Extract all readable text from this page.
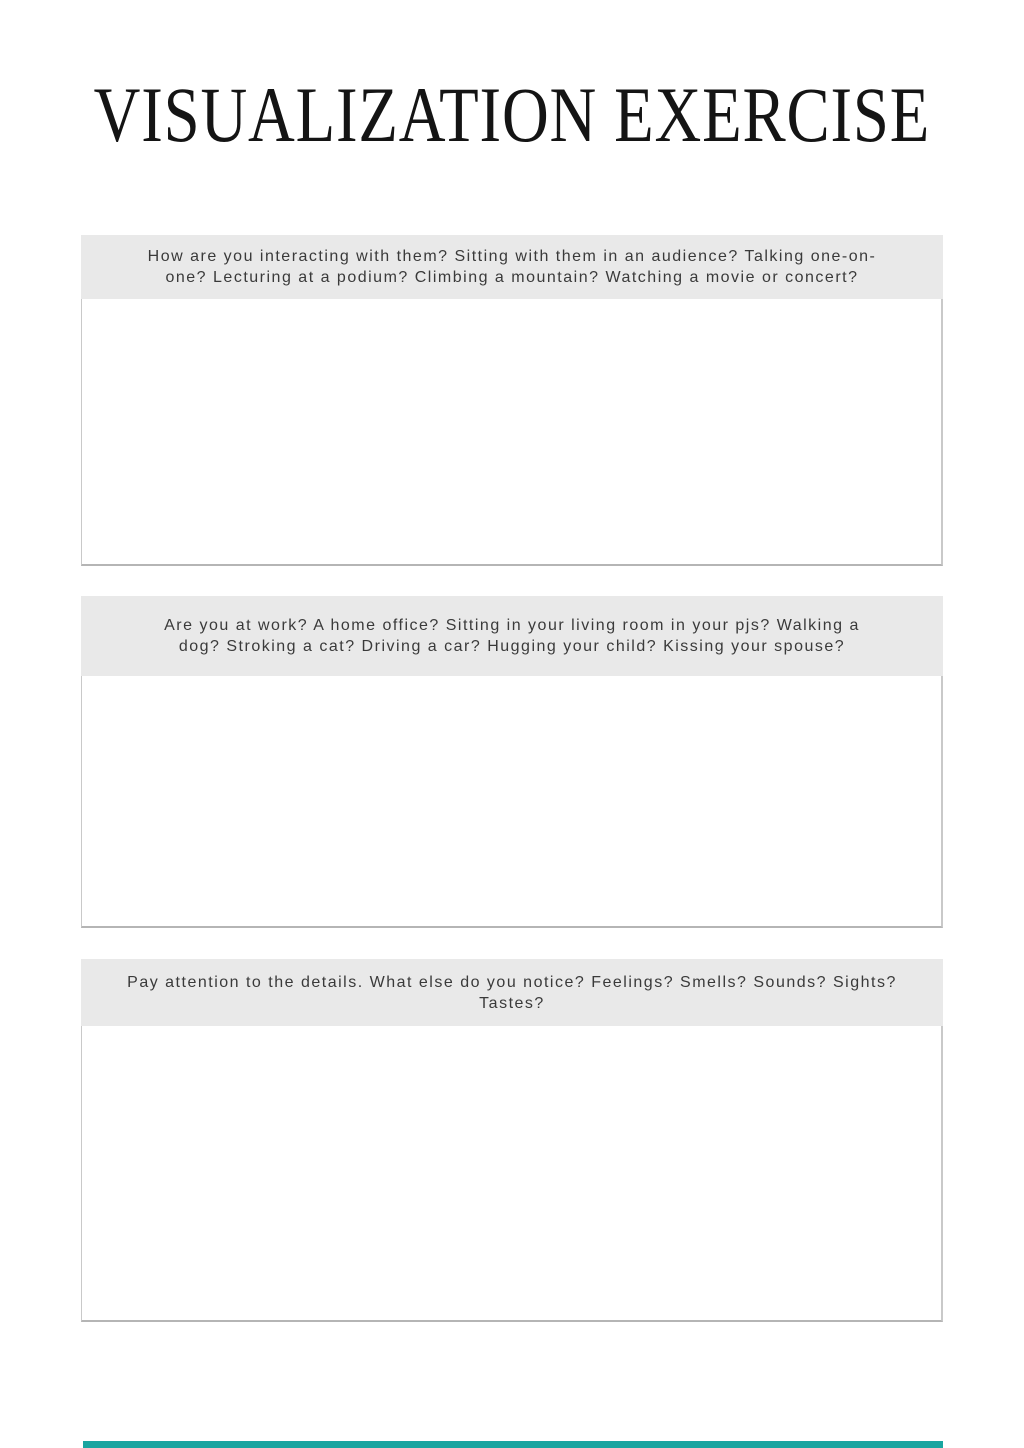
VISUALIZATION EXERCISE
How are you interacting with them? Sitting with them in an audience? Talking one-on-
one? Lecturing at a podium? Climbing a mountain? Watching a movie or concert?
Are you at work? A home office? Sitting in your living room in your pjs? Walking a
dog? Stroking a cat? Driving a car? Hugging your child? Kissing your spouse?
Pay attention to the details. What else do you notice? Feelings? Smells? Sounds? Sights?
Tastes?
